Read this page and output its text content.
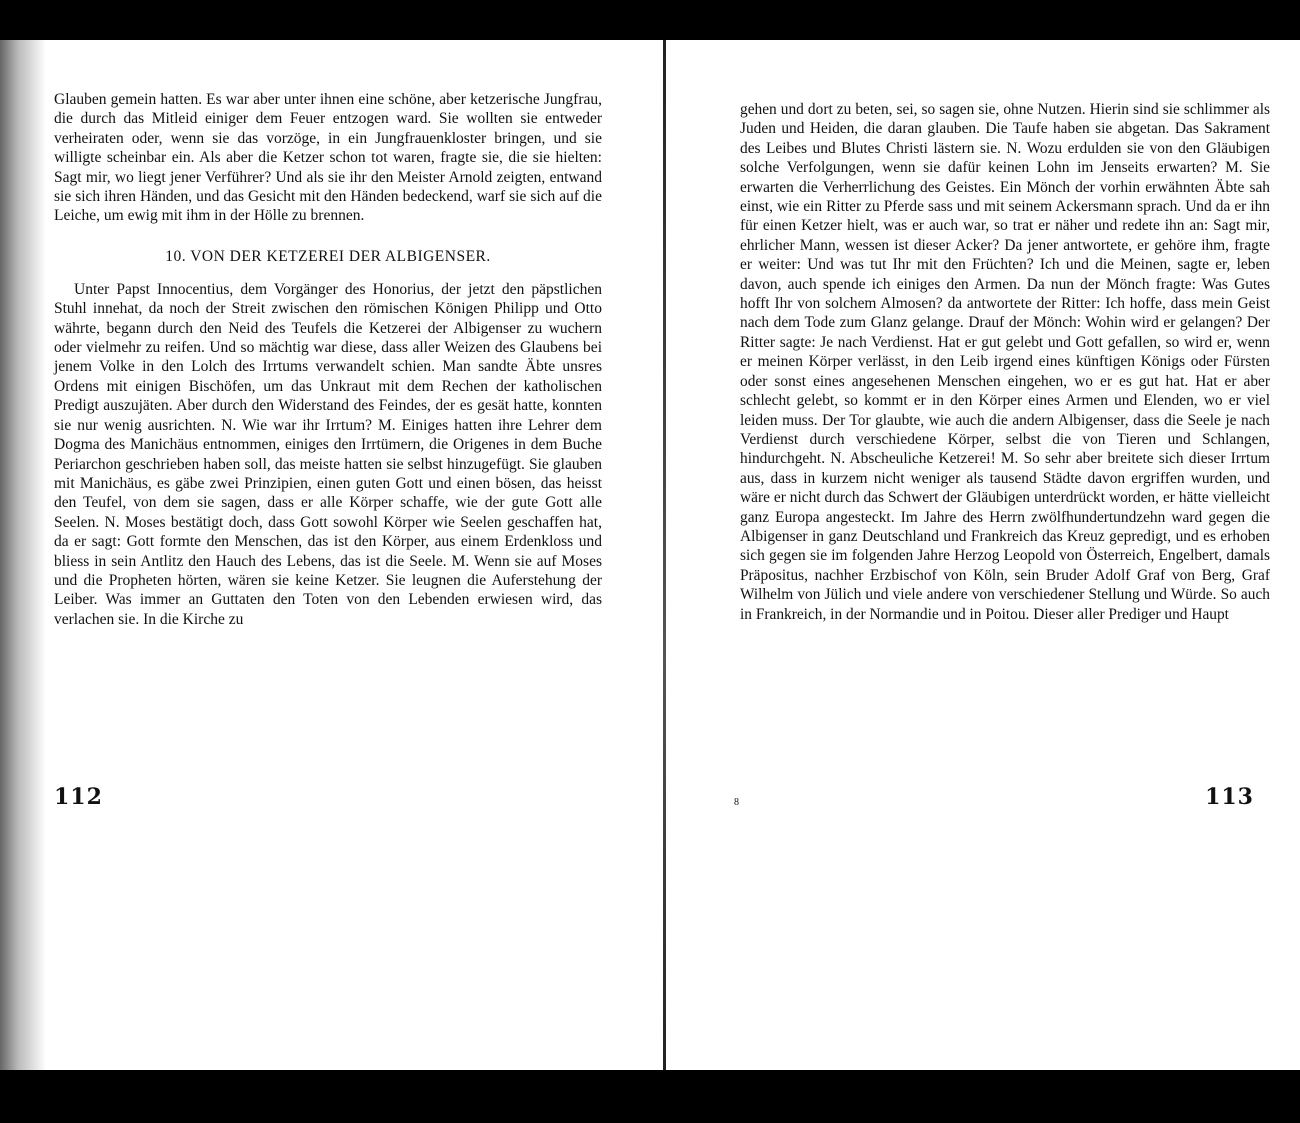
Glauben gemein hatten. Es war aber unter ihnen eine schöne, aber ketzerische Jungfrau, die durch das Mitleid einiger dem Feuer entzogen ward. Sie wollten sie entweder verheiraten oder, wenn sie das vorzöge, in ein Jungfrauenkloster bringen, und sie willigte scheinbar ein. Als aber die Ketzer schon tot waren, fragte sie, die sie hielten: Sagt mir, wo liegt jener Verführer? Und als sie ihr den Meister Arnold zeigten, entwand sie sich ihren Händen, und das Gesicht mit den Händen bedeckend, warf sie sich auf die Leiche, um ewig mit ihm in der Hölle zu brennen.

10. VON DER KETZEREI DER ALBIGENSER.

Unter Papst Innocentius, dem Vorgänger des Honorius, der jetzt den päpstlichen Stuhl innehat, da noch der Streit zwischen den römischen Königen Philipp und Otto währte, begann durch den Neid des Teufels die Ketzerei der Albigenser zu wuchern oder vielmehr zu reifen. Und so mächtig war diese, dass aller Weizen des Glaubens bei jenem Volke in den Lolch des Irrtums verwandelt schien. Man sandte Äbte unsres Ordens mit einigen Bischöfen, um das Unkraut mit dem Rechen der katholischen Predigt auszujäten. Aber durch den Widerstand des Feindes, der es gesät hatte, konnten sie nur wenig ausrichten. N. Wie war ihr Irrtum? M. Einiges hatten ihre Lehrer dem Dogma des Manichäus entnommen, einiges den Irrtümern, die Origenes in dem Buche Periarchon geschrieben haben soll, das meiste hatten sie selbst hinzugefügt. Sie glauben mit Manichäus, es gäbe zwei Prinzipien, einen guten Gott und einen bösen, das heisst den Teufel, von dem sie sagen, dass er alle Körper schaffe, wie der gute Gott alle Seelen. N. Moses bestätigt doch, dass Gott sowohl Körper wie Seelen geschaffen hat, da er sagt: Gott formte den Menschen, das ist den Körper, aus einem Erdenkloss und bliess in sein Antlitz den Hauch des Lebens, das ist die Seele. M. Wenn sie auf Moses und die Propheten hörten, wären sie keine Ketzer. Sie leugnen die Auferstehung der Leiber. Was immer an Guttaten den Toten von den Lebenden erwiesen wird, das verlachen sie. In die Kirche zu

112

gehen und dort zu beten, sei, so sagen sie, ohne Nutzen. Hierin sind sie schlimmer als Juden und Heiden, die daran glauben. Die Taufe haben sie abgetan. Das Sakrament des Leibes und Blutes Christi lästern sie. N. Wozu erdulden sie von den Gläubigen solche Verfolgungen, wenn sie dafür keinen Lohn im Jenseits erwarten? M. Sie erwarten die Verherrlichung des Geistes. Ein Mönch der vorhin erwähnten Äbte sah einst, wie ein Ritter zu Pferde sass und mit seinem Ackersmann sprach. Und da er ihn für einen Ketzer hielt, was er auch war, so trat er näher und redete ihn an: Sagt mir, ehrlicher Mann, wessen ist dieser Acker? Da jener antwortete, er gehöre ihm, fragte er weiter: Und was tut Ihr mit den Früchten? Ich und die Meinen, sagte er, leben davon, auch spende ich einiges den Armen. Da nun der Mönch fragte: Was Gutes hofft Ihr von solchem Almosen? da antwortete der Ritter: Ich hoffe, dass mein Geist nach dem Tode zum Glanz gelange. Drauf der Mönch: Wohin wird er gelangen? Der Ritter sagte: Je nach Verdienst. Hat er gut gelebt und Gott gefallen, so wird er, wenn er meinen Körper verlässt, in den Leib irgend eines künftigen Königs oder Fürsten oder sonst eines angesehenen Menschen eingehen, wo er es gut hat. Hat er aber schlecht gelebt, so kommt er in den Körper eines Armen und Elenden, wo er viel leiden muss. Der Tor glaubte, wie auch die andern Albigenser, dass die Seele je nach Verdienst durch verschiedene Körper, selbst die von Tieren und Schlangen, hindurchgeht. N. Abscheuliche Ketzerei! M. So sehr aber breitete sich dieser Irrtum aus, dass in kurzem nicht weniger als tausend Städte davon ergriffen wurden, und wäre er nicht durch das Schwert der Gläubigen unterdrückt worden, er hätte vielleicht ganz Europa angesteckt. Im Jahre des Herrn zwölfhundertundzehn ward gegen die Albigenser in ganz Deutschland und Frankreich das Kreuz gepredigt, und es erhoben sich gegen sie im folgenden Jahre Herzog Leopold von Österreich, Engelbert, damals Präpositus, nachher Erzbischof von Köln, sein Bruder Adolf Graf von Berg, Graf Wilhelm von Jülich und viele andere von verschiedener Stellung und Würde. So auch in Frankreich, in der Normandie und in Poitou. Dieser aller Prediger und Haupt

8	113
